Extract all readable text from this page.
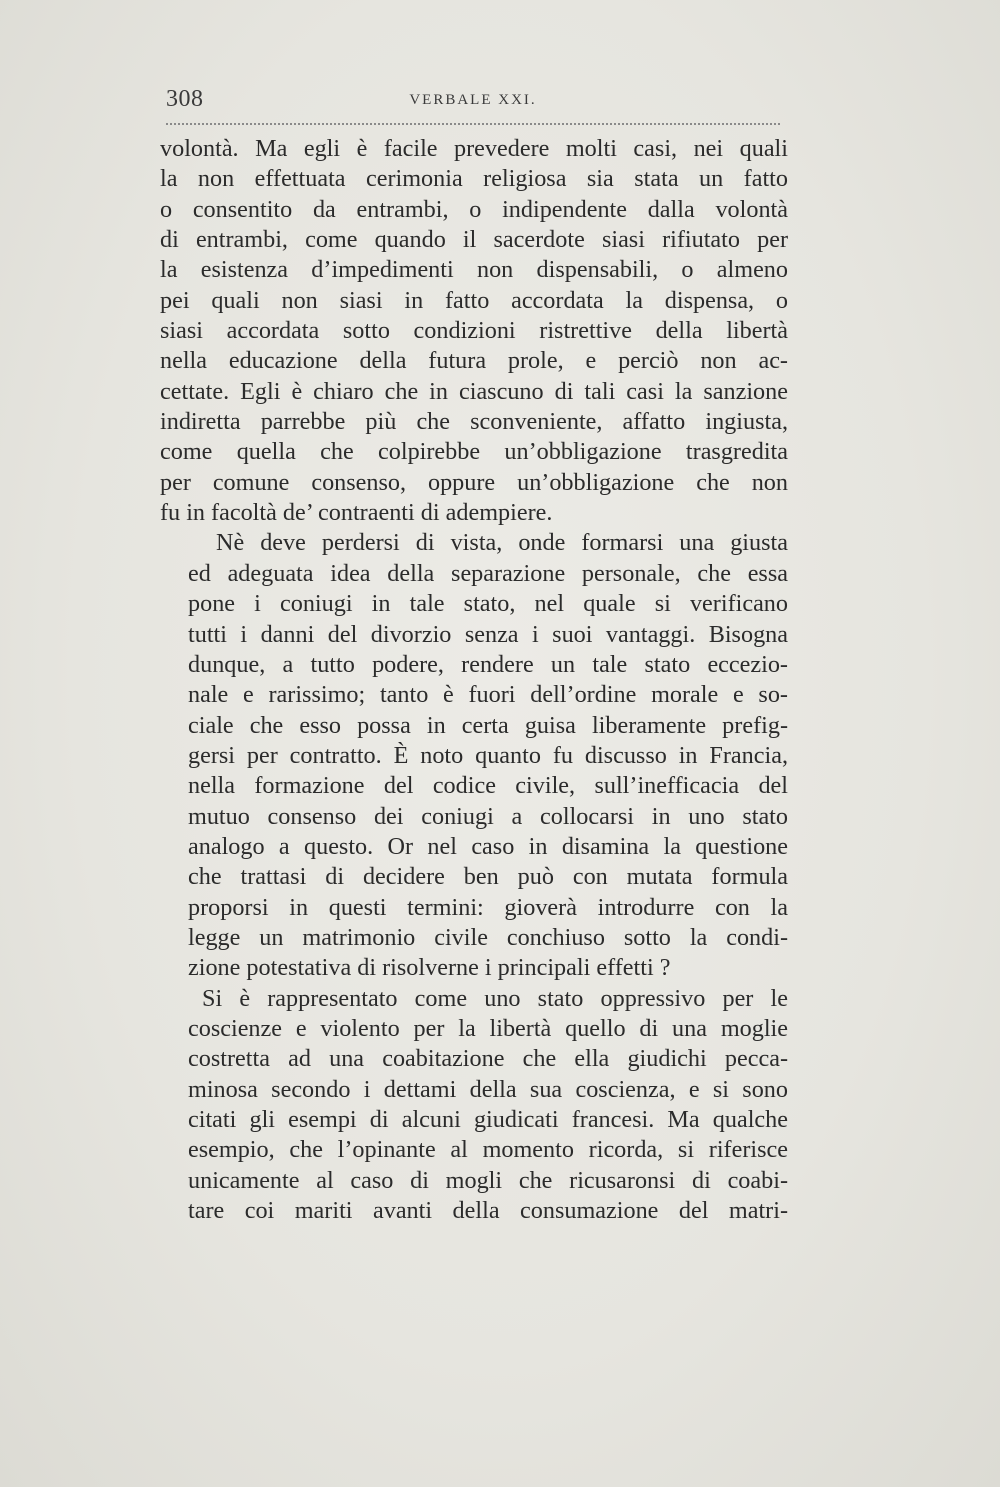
308	VERBALE XXI.

volontà. Ma egli è facile prevedere molti casi, nei quali
la non effettuata cerimonia religiosa sia stata un fatto
o consentito da entrambi, o indipendente dalla volontà
di entrambi, come quando il sacerdote siasi rifiutato per
la esistenza d’impedimenti non dispensabili, o almeno
pei quali non siasi in fatto accordata la dispensa, o
siasi accordata sotto condizioni ristrettive della libertà
nella educazione della futura prole, e perciò non ac-
cettate. Egli è chiaro che in ciascuno di tali casi la sanzione
indiretta parrebbe più che sconveniente, affatto ingiusta,
come quella che colpirebbe un’obbligazione trasgredita
per comune consenso, oppure un’obbligazione che non
fu in facoltà de’ contraenti di adempiere.

Nè deve perdersi di vista, onde formarsi una giusta
ed adeguata idea della separazione personale, che essa
pone i coniugi in tale stato, nel quale si verificano
tutti i danni del divorzio senza i suoi vantaggi. Bisogna
dunque, a tutto podere, rendere un tale stato eccezio-
nale e rarissimo; tanto è fuori dell’ordine morale e so-
ciale che esso possa in certa guisa liberamente prefig-
gersi per contratto. È noto quanto fu discusso in Francia,
nella formazione del codice civile, sull’inefficacia del
mutuo consenso dei coniugi a collocarsi in uno stato
analogo a questo. Or nel caso in disamina la questione
che trattasi di decidere ben può con mutata formula
proporsi in questi termini: gioverà introdurre con la
legge un matrimonio civile conchiuso sotto la condi-
zione potestativa di risolverne i principali effetti ?

Si è rappresentato come uno stato oppressivo per le
coscienze e violento per la libertà quello di una moglie
costretta ad una coabitazione che ella giudichi pecca-
minosa secondo i dettami della sua coscienza, e si sono
citati gli esempi di alcuni giudicati francesi. Ma qualche
esempio, che l’opinante al momento ricorda, si riferisce
unicamente al caso di mogli che ricusaronsi di coabi-
tare coi mariti avanti della consumazione del matri-
